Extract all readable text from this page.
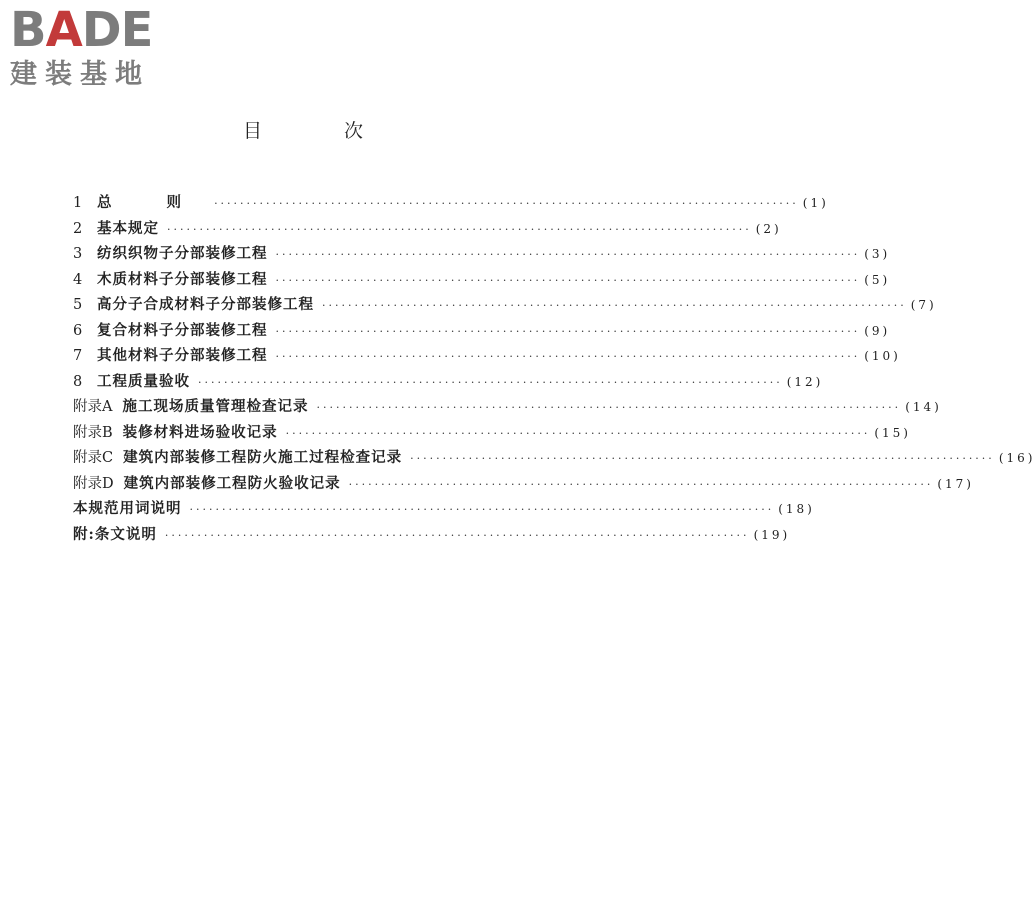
BADE
建装基地
目 次
1	总 则 ·························································································· (1)
2	基本规定 ·························································································· (2)
3	纺织织物子分部装修工程 ·························································································· (3)
4	木质材料子分部装修工程 ·························································································· (5)
5	高分子合成材料子分部装修工程 ·························································································· (7)
6	复合材料子分部装修工程 ·························································································· (9)
7	其他材料子分部装修工程 ·························································································· (10)
8	工程质量验收 ·························································································· (12)
附录A 施工现场质量管理检查记录 ·························································································· (14)
附录B 装修材料进场验收记录 ·························································································· (15)
附录C 建筑内部装修工程防火施工过程检查记录 ·························································································· (16)
附录D 建筑内部装修工程防火验收记录 ·························································································· (17)
本规范用词说明 ·························································································· (18)
附:条文说明 ·························································································· (19)
